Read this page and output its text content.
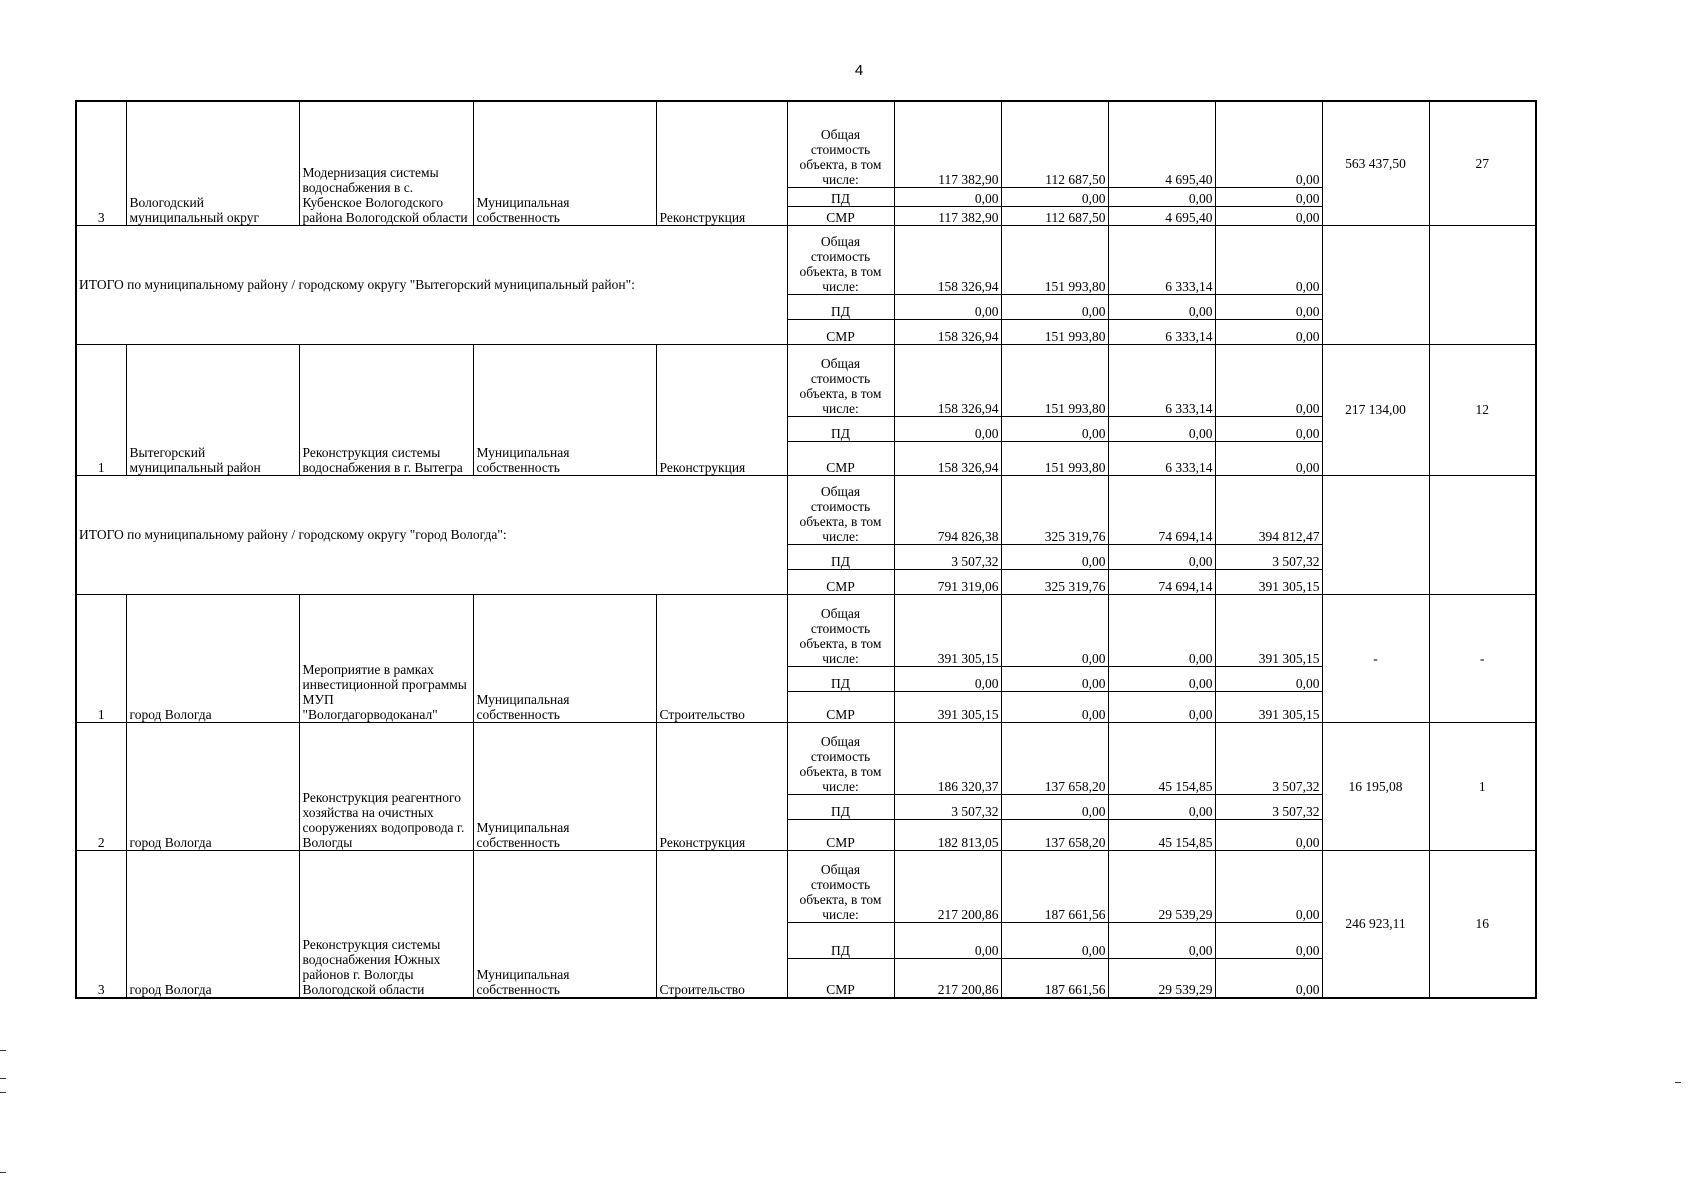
4
3	Вологодский муниципальный округ	Модернизация системы водоснабжения в с. Кубенское Вологодского района Вологодской области	Муниципальная собственность	Реконструкция	Общая стоимость объекта, в том числе:	117 382,90	112 687,50	4 695,40	0,00	563 437,50	27
					ПД	0,00	0,00	0,00	0,00		
					СМР	117 382,90	112 687,50	4 695,40	0,00		
ИТОГО по муниципальному району / городскому округу "Вытегорский муниципальный район":					Общая стоимость объекта, в том числе:	158 326,94	151 993,80	6 333,14	0,00		
					ПД	0,00	0,00	0,00	0,00		
					СМР	158 326,94	151 993,80	6 333,14	0,00		
1	Вытегорский муниципальный район	Реконструкция системы водоснабжения в г. Вытегра	Муниципальная собственность	Реконструкция	Общая стоимость объекта, в том числе:	158 326,94	151 993,80	6 333,14	0,00	217 134,00	12
					ПД	0,00	0,00	0,00	0,00		
					СМР	158 326,94	151 993,80	6 333,14	0,00		
ИТОГО по муниципальному району / городскому округу "город Вологда":					Общая стоимость объекта, в том числе:	794 826,38	325 319,76	74 694,14	394 812,47		
					ПД	3 507,32	0,00	0,00	3 507,32		
					СМР	791 319,06	325 319,76	74 694,14	391 305,15		
1	город Вологда	Мероприятие в рамках инвестиционной программы МУП "Вологдагорводоканал"	Муниципальная собственность	Строительство	Общая стоимость объекта, в том числе:	391 305,15	0,00	0,00	391 305,15	-	-
					ПД	0,00	0,00	0,00	0,00		
					СМР	391 305,15	0,00	0,00	391 305,15		
2	город Вологда	Реконструкция реагентного хозяйства на очистных сооружениях водопровода г. Вологды	Муниципальная собственность	Реконструкция	Общая стоимость объекта, в том числе:	186 320,37	137 658,20	45 154,85	3 507,32	16 195,08	1
					ПД	3 507,32	0,00	0,00	3 507,32		
					СМР	182 813,05	137 658,20	45 154,85	0,00		
3	город Вологда	Реконструкция системы водоснабжения Южных районов г. Вологды Вологодской области	Муниципальная собственность	Строительство	Общая стоимость объекта, в том числе:	217 200,86	187 661,56	29 539,29	0,00	246 923,11	16
					ПД	0,00	0,00	0,00	0,00		
					СМР	217 200,86	187 661,56	29 539,29	0,00		
